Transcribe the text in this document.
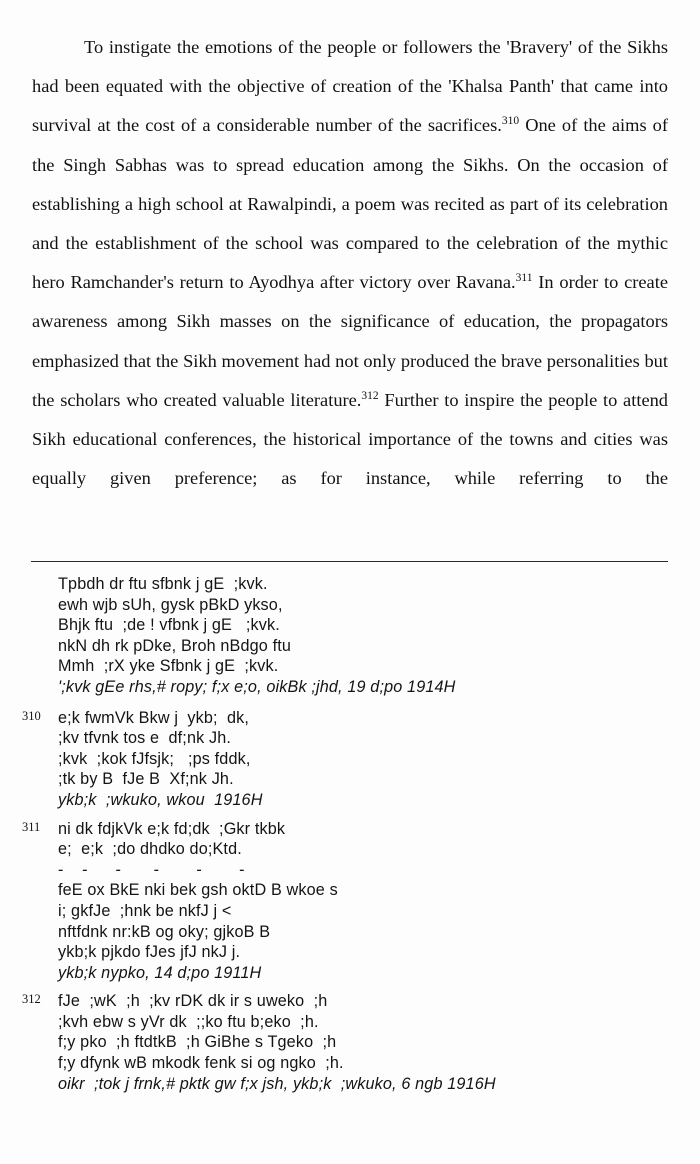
To instigate the emotions of the people or followers the 'Bravery' of the Sikhs had been equated with the objective of creation of the 'Khalsa Panth' that came into survival at the cost of a considerable number of the sacrifices.$^{310}$ One of the aims of the Singh Sabhas was to spread education among the Sikhs. On the occasion of establishing a high school at Rawalpindi, a poem was recited as part of its celebration and the establishment of the school was compared to the celebration of the mythic hero Ramchander's return to Ayodhya after victory over Ravana.$^{311}$ In order to create awareness among Sikh masses on the significance of education, the propagators emphasized that the Sikh movement had not only produced the brave personalities but the scholars who created valuable literature.$^{312}$ Further to inspire the people to attend Sikh educational conferences, the historical importance of the towns and cities was equally given preference; as for instance, while referring to the

Tpbdh dr ftu sfbnk j gE  ;kvk.
ewh wjb sUh, gysk pBkD ykso,
Bhjk ftu  ;de ! vfbnk j gE   ;kvk.
nkN dh rk pDke, Broh nBdgo ftu
Mmh  ;rX yke Sfbnk j gE  ;kvk.
';kvk gEe rhs,# ropy; f;x e;o, oikBk ;jhd, 19 d;po 1914H
310	e;k fwmVk Bkw j  ykb;  dk,
;kv tfvnk tos e  df;nk Jh.
;kvk  ;kok fJfsjk;   ;ps fddk,
;tk by B  fJe B  Xf;nk Jh.
ykb;k  ;wkuko, wkou  1916H
311	ni dk fdjkVk e;k fd;dk  ;Gkr tkbk
e;  e;k  ;do dhdko do;Ktd.
-    -      -       -        -        -
feE ox BkE nki bek gsh oktD B wkoe s
i; gkfJe  ;hnk be nkfJ j <
nftfdnk nr:kB og oky; gjkoB B
ykb;k pjkdo fJes jfJ nkJ j.
ykb;k nypko, 14 d;po 1911H
312	fJe  ;wK  ;h  ;kv rDK dk ir s uweko  ;h
;kvh ebw s yVr dk  ;;ko ftu b;eko  ;h.
f;y pko  ;h ftdtkB  ;h GiBhe s Tgeko  ;h
f;y dfynk wB mkodk fenk si og ngko  ;h.
oikr  ;tok j frnk,# pktk gw f;x jsh, ykb;k  ;wkuko, 6 ngb 1916H
